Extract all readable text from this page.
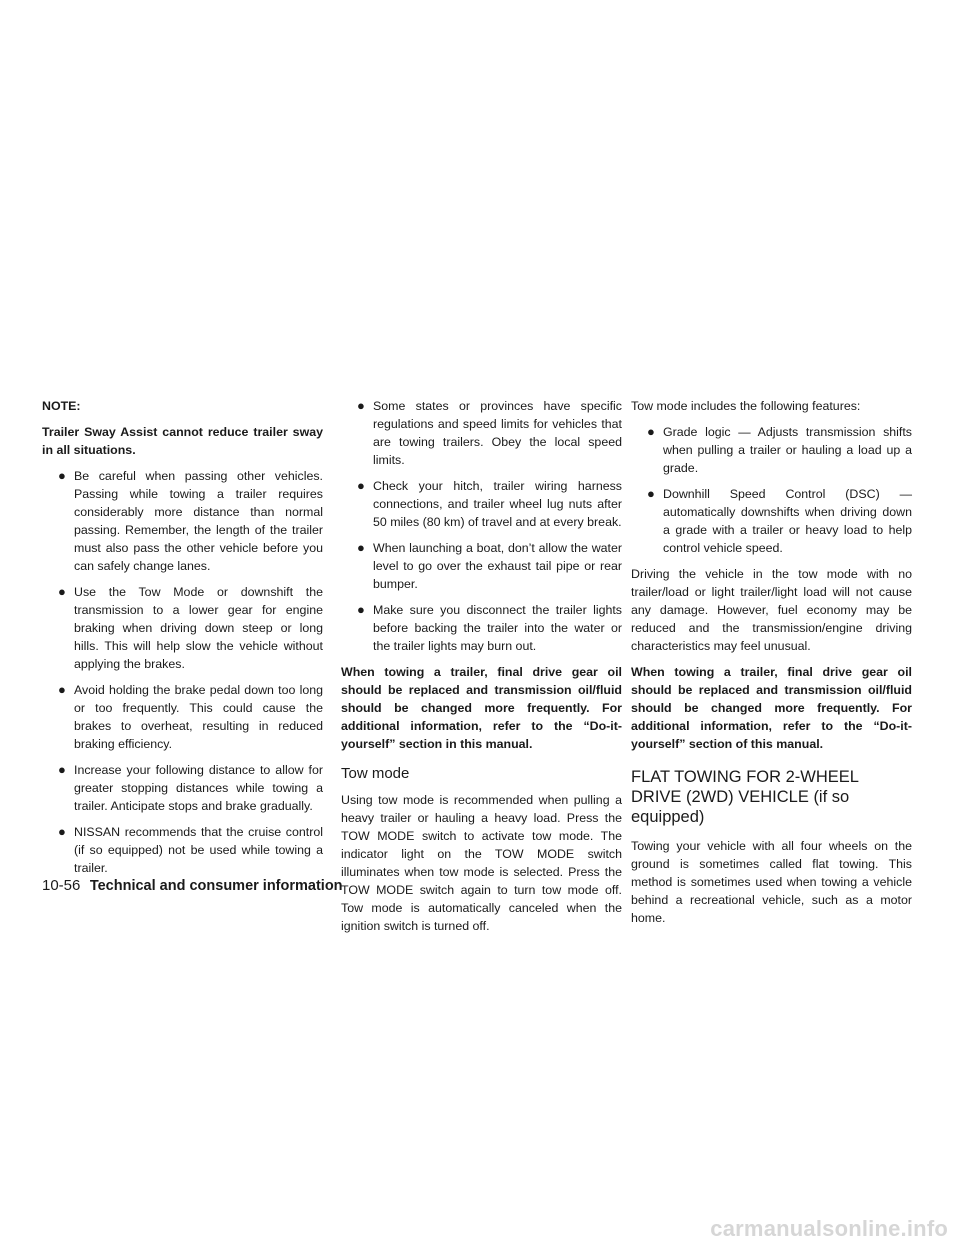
NOTE:

Trailer Sway Assist cannot reduce trailer sway in all situations.

● Be careful when passing other vehicles. Passing while towing a trailer requires considerably more distance than normal passing. Remember, the length of the trailer must also pass the other vehicle before you can safely change lanes.
● Use the Tow Mode or downshift the transmission to a lower gear for engine braking when driving down steep or long hills. This will help slow the vehicle without applying the brakes.
● Avoid holding the brake pedal down too long or too frequently. This could cause the brakes to overheat, resulting in reduced braking efficiency.
● Increase your following distance to allow for greater stopping distances while towing a trailer. Anticipate stops and brake gradually.
● NISSAN recommends that the cruise control (if so equipped) not be used while towing a trailer.
● Some states or provinces have specific regulations and speed limits for vehicles that are towing trailers. Obey the local speed limits.
● Check your hitch, trailer wiring harness connections, and trailer wheel lug nuts after 50 miles (80 km) of travel and at every break.
● When launching a boat, don’t allow the water level to go over the exhaust tail pipe or rear bumper.
● Make sure you disconnect the trailer lights before backing the trailer into the water or the trailer lights may burn out.

When towing a trailer, final drive gear oil should be replaced and transmission oil/fluid should be changed more frequently. For additional information, refer to the “Do-it-yourself” section in this manual.

Tow mode

Using tow mode is recommended when pulling a heavy trailer or hauling a heavy load. Press the TOW MODE switch to activate tow mode. The indicator light on the TOW MODE switch illuminates when tow mode is selected. Press the TOW MODE switch again to turn tow mode off. Tow mode is automatically canceled when the ignition switch is turned off.

Tow mode includes the following features:

● Grade logic — Adjusts transmission shifts when pulling a trailer or hauling a load up a grade.
● Downhill Speed Control (DSC) — automatically downshifts when driving down a grade with a trailer or heavy load to help control vehicle speed.

Driving the vehicle in the tow mode with no trailer/load or light trailer/light load will not cause any damage. However, fuel economy may be reduced and the transmission/engine driving characteristics may feel unusual.

When towing a trailer, final drive gear oil should be replaced and transmission oil/fluid should be changed more frequently. For additional information, refer to the “Do-it-yourself” section of this manual.

FLAT TOWING FOR 2-WHEEL DRIVE (2WD) VEHICLE (if so equipped)

Towing your vehicle with all four wheels on the ground is sometimes called flat towing. This method is sometimes used when towing a vehicle behind a recreational vehicle, such as a motor home.

10-56 Technical and consumer information
carmanualsonline.info
